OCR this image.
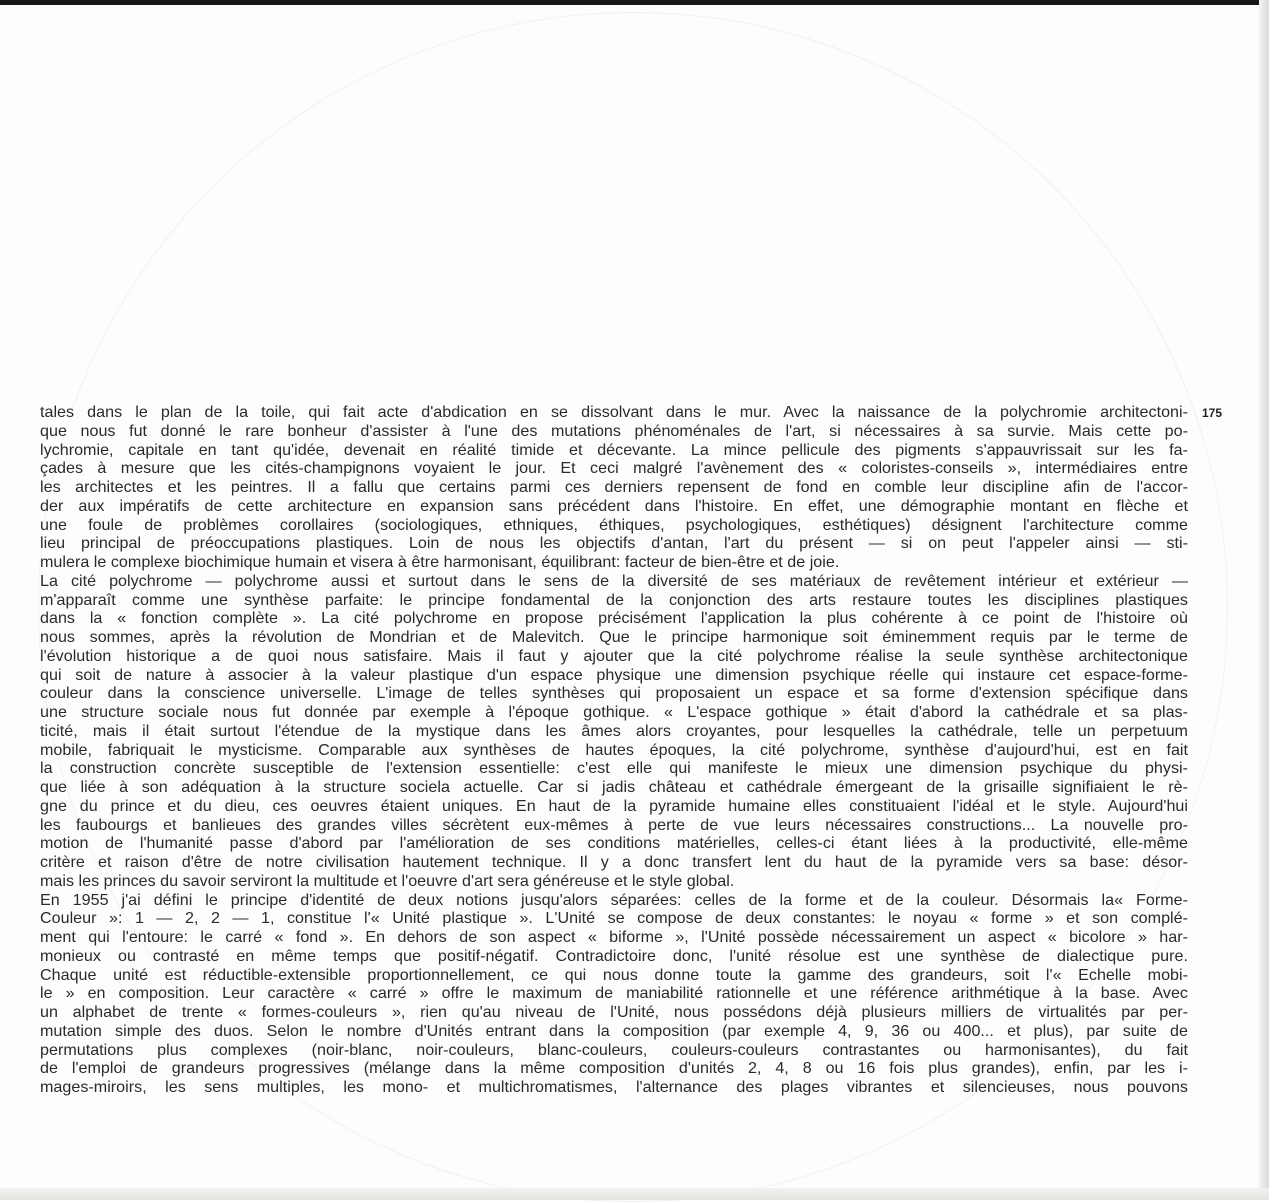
175
tales dans le plan de la toile, qui fait acte d'abdication en se dissolvant dans le mur. Avec la naissance de la polychromie architectoni-
que nous fut donné le rare bonheur d'assister à l'une des mutations phénoménales de l'art, si nécessaires à sa survie. Mais cette po-
lychromie, capitale en tant qu'idée, devenait en réalité timide et décevante. La mince pellicule des pigments s'appauvrissait sur les fa-
çades à mesure que les cités-champignons voyaient le jour. Et ceci malgré l'avènement des « coloristes-conseils », intermédiaires entre
les architectes et les peintres. Il a fallu que certains parmi ces derniers repensent de fond en comble leur discipline afin de l'accor-
der aux impératifs de cette architecture en expansion sans précédent dans l'histoire. En effet, une démographie montant en flèche et
une foule de problèmes corollaires (sociologiques, ethniques, éthiques, psychologiques, esthétiques) désignent l'architecture comme
lieu principal de préoccupations plastiques. Loin de nous les objectifs d'antan, l'art du présent — si on peut l'appeler ainsi — sti-
mulera le complexe biochimique humain et visera à être harmonisant, équilibrant: facteur de bien-être et de joie.
La cité polychrome — polychrome aussi et surtout dans le sens de la diversité de ses matériaux de revêtement intérieur et extérieur —
m'apparaît comme une synthèse parfaite: le principe fondamental de la conjonction des arts restaure toutes les disciplines plastiques
dans la « fonction complète ». La cité polychrome en propose précisément l'application la plus cohérente à ce point de l'histoire où
nous sommes, après la révolution de Mondrian et de Malevitch. Que le principe harmonique soit éminemment requis par le terme de
l'évolution historique a de quoi nous satisfaire. Mais il faut y ajouter que la cité polychrome réalise la seule synthèse architectonique
qui soit de nature à associer à la valeur plastique d'un espace physique une dimension psychique réelle qui instaure cet espace-forme-
couleur dans la conscience universelle. L'image de telles synthèses qui proposaient un espace et sa forme d'extension spécifique dans
une structure sociale nous fut donnée par exemple à l'époque gothique. « L'espace gothique » était d'abord la cathédrale et sa plas-
ticité, mais il était surtout l'étendue de la mystique dans les âmes alors croyantes, pour lesquelles la cathédrale, telle un perpetuum
mobile, fabriquait le mysticisme. Comparable aux synthèses de hautes époques, la cité polychrome, synthèse d'aujourd'hui, est en fait
la construction concrète susceptible de l'extension essentielle: c'est elle qui manifeste le mieux une dimension psychique du physi-
que liée à son adéquation à la structure sociela actuelle. Car si jadis château et cathédrale émergeant de la grisaille signifiaient le rè-
gne du prince et du dieu, ces oeuvres étaient uniques. En haut de la pyramide humaine elles constituaient l'idéal et le style. Aujourd'hui
les faubourgs et banlieues des grandes villes sécrètent eux-mêmes à perte de vue leurs nécessaires constructions... La nouvelle pro-
motion de l'humanité passe d'abord par l'amélioration de ses conditions matérielles, celles-ci étant liées à la productivité, elle-même
critère et raison d'être de notre civilisation hautement technique. Il y a donc transfert lent du haut de la pyramide vers sa base: désor-
mais les princes du savoir serviront la multitude et l'oeuvre d'art sera généreuse et le style global.
En 1955 j'ai défini le principe d'identité de deux notions jusqu'alors séparées: celles de la forme et de la couleur. Désormais la« Forme-
Couleur »: 1 — 2, 2 — 1, constitue l'« Unité plastique ». L'Unité se compose de deux constantes: le noyau « forme » et son complé-
ment qui l'entoure: le carré « fond ». En dehors de son aspect « biforme », l'Unité possède nécessairement un aspect « bicolore » har-
monieux ou contrasté en même temps que positif-négatif. Contradictoire donc, l'unité résolue est une synthèse de dialectique pure.
Chaque unité est réductible-extensible proportionnellement, ce qui nous donne toute la gamme des grandeurs, soit l'« Echelle mobi-
le » en composition. Leur caractère « carré » offre le maximum de maniabilité rationnelle et une référence arithmétique à la base. Avec
un alphabet de trente « formes-couleurs », rien qu'au niveau de l'Unité, nous possédons déjà plusieurs milliers de virtualités par per-
mutation simple des duos. Selon le nombre d'Unités entrant dans la composition (par exemple 4, 9, 36 ou 400... et plus), par suite de
permutations plus complexes (noir-blanc, noir-couleurs, blanc-couleurs, couleurs-couleurs contrastantes ou harmonisantes), du fait
de l'emploi de grandeurs progressives (mélange dans la même composition d'unités 2, 4, 8 ou 16 fois plus grandes), enfin, par les i-
mages-miroirs, les sens multiples, les mono- et multichromatismes, l'alternance des plages vibrantes et silencieuses, nous pouvons
